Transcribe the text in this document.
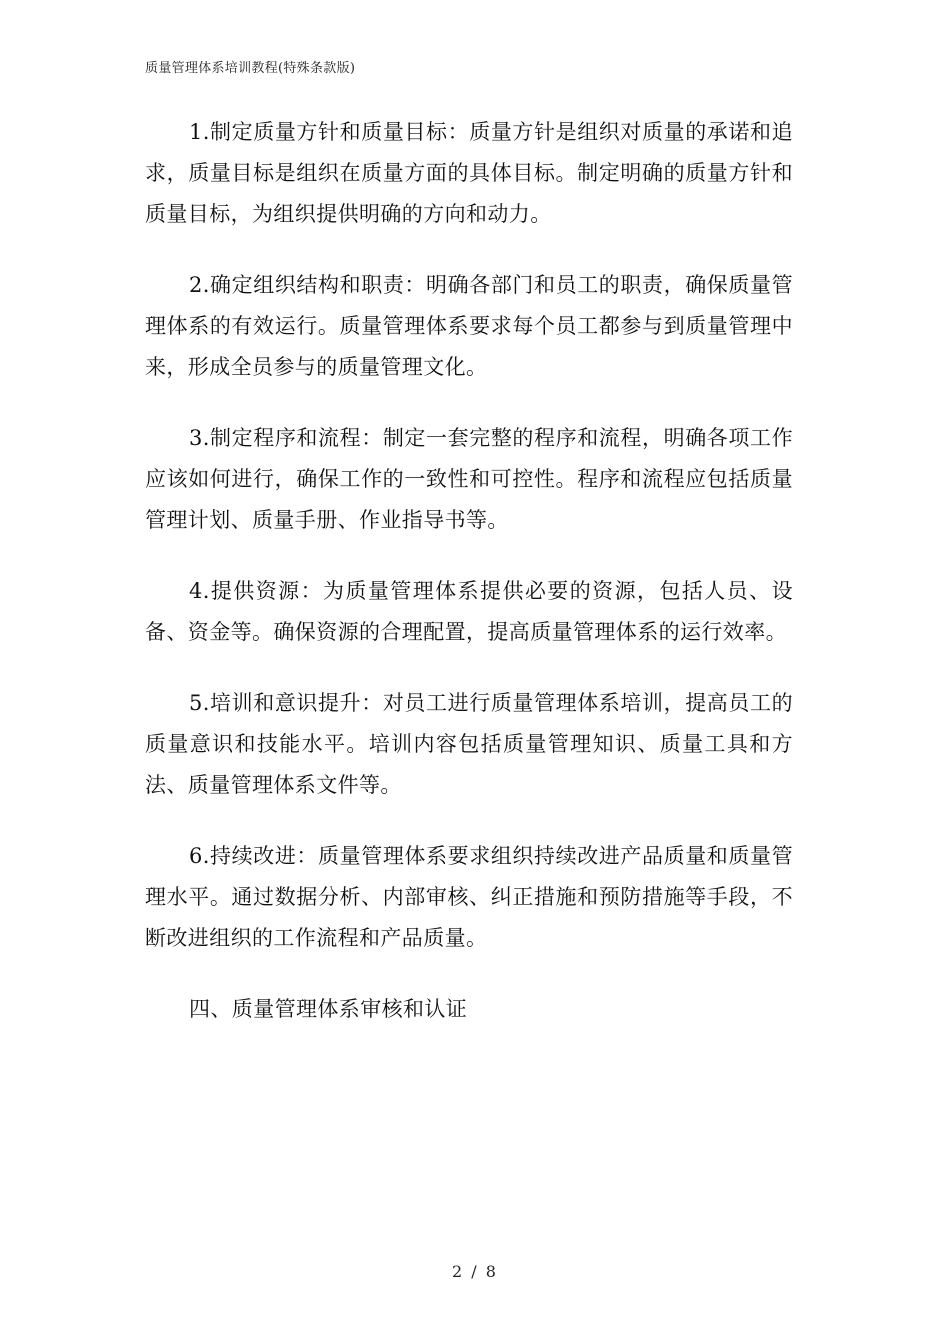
质量管理体系培训教程(特殊条款版)

1.制定质量方针和质量目标：质量方针是组织对质量的承诺和追求，质量目标是组织在质量方面的具体目标。制定明确的质量方针和质量目标，为组织提供明确的方向和动力。

2.确定组织结构和职责：明确各部门和员工的职责，确保质量管理体系的有效运行。质量管理体系要求每个员工都参与到质量管理中来，形成全员参与的质量管理文化。

3.制定程序和流程：制定一套完整的程序和流程，明确各项工作应该如何进行，确保工作的一致性和可控性。程序和流程应包括质量管理计划、质量手册、作业指导书等。

4.提供资源：为质量管理体系提供必要的资源，包括人员、设备、资金等。确保资源的合理配置，提高质量管理体系的运行效率。

5.培训和意识提升：对员工进行质量管理体系培训，提高员工的质量意识和技能水平。培训内容包括质量管理知识、质量工具和方法、质量管理体系文件等。

6.持续改进：质量管理体系要求组织持续改进产品质量和质量管理水平。通过数据分析、内部审核、纠正措施和预防措施等手段，不断改进组织的工作流程和产品质量。

四、质量管理体系审核和认证

2 / 8
